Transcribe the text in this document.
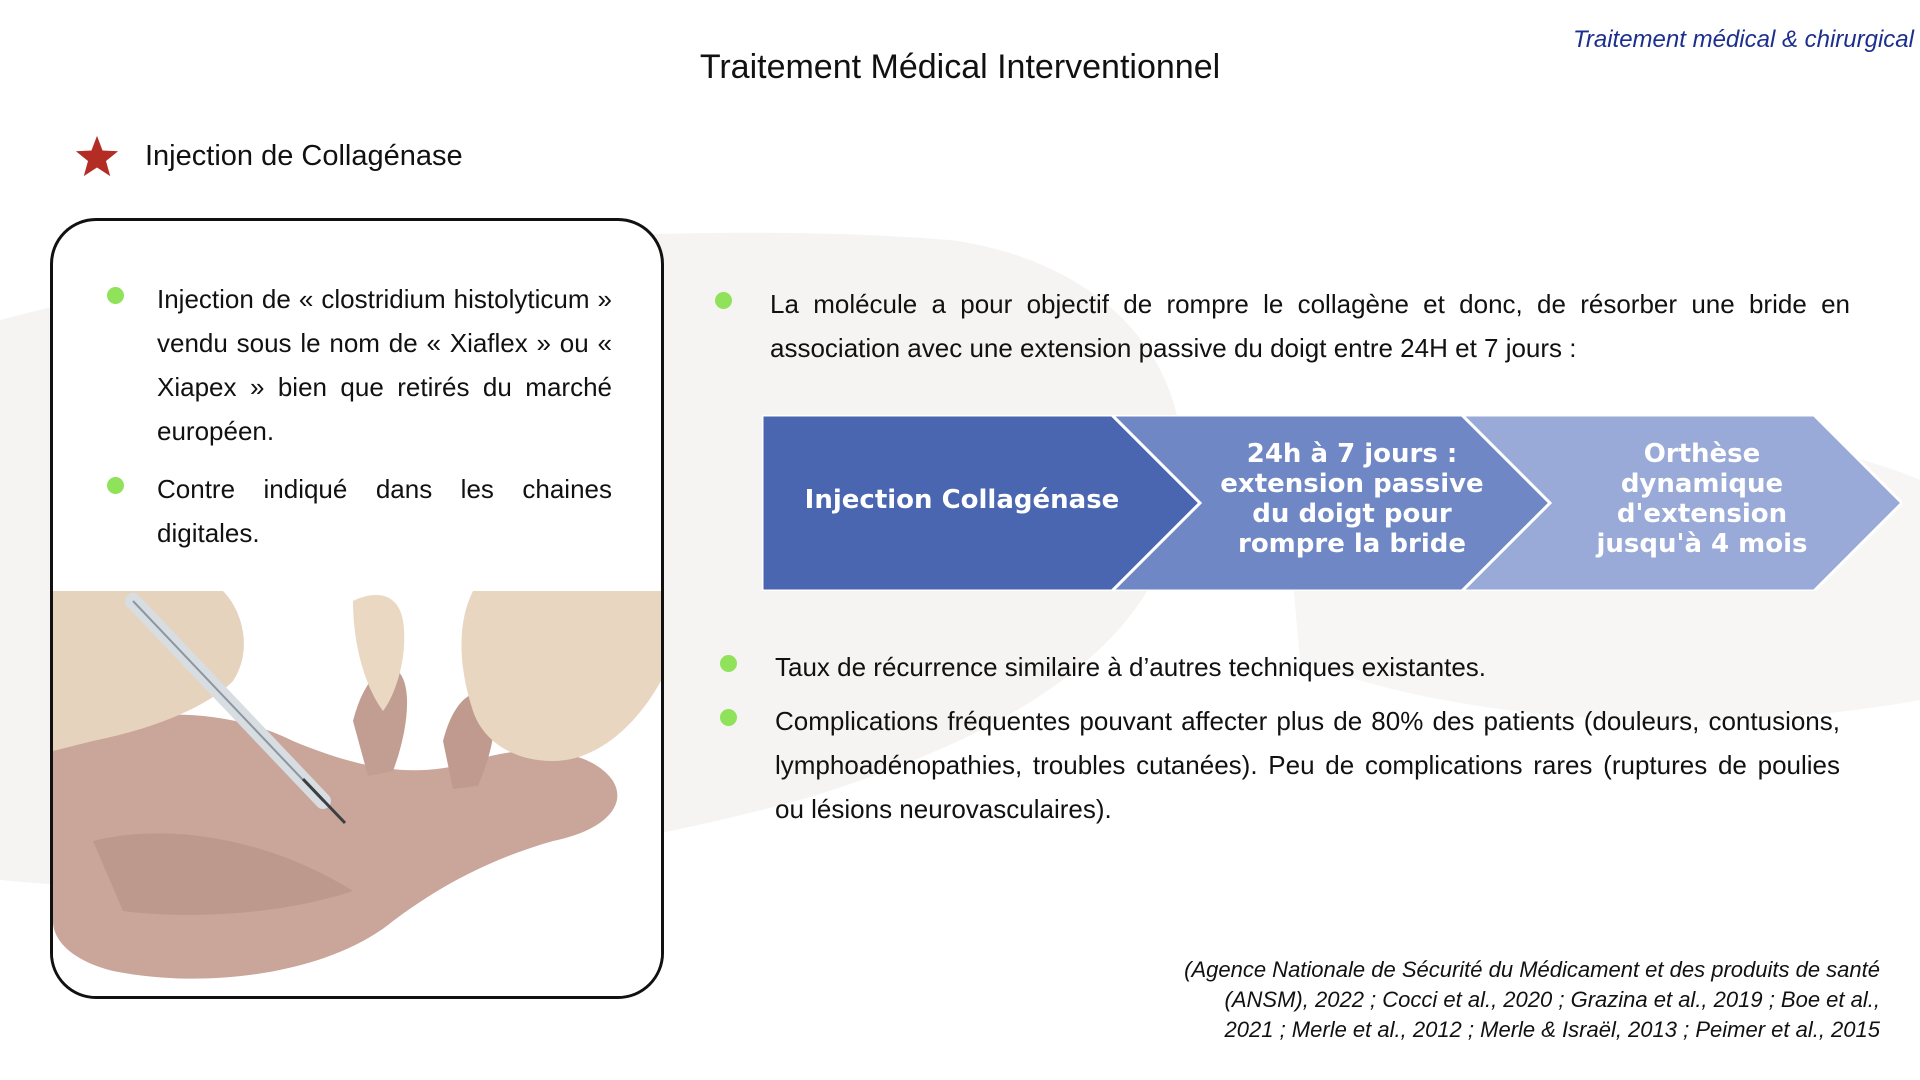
Traitement médical & chirurgical
Traitement Médical Interventionnel
Injection de Collagénase

Injection de « clostridium histolyticum » vendu sous le nom de « Xiaflex » ou « Xiapex » bien que retirés du marché européen.

Contre indiqué dans les chaines digitales.

La molécule a pour objectif de rompre le collagène et donc, de résorber une bride en association avec une extension passive du doigt entre 24H et 7 jours :
Injection Collagénase
24h à 7 jours :
extension passive
du doigt pour
rompre la bride
Orthèse
dynamique
d'extension
jusqu'à 4 mois
Taux de récurrence similaire à d’autres techniques existantes.
Complications fréquentes pouvant affecter plus de 80% des patients (douleurs, contusions, lymphoadénopathies, troubles cutanées). Peu de complications rares (ruptures de poulies ou lésions neurovasculaires).
(Agence Nationale de Sécurité du Médicament et des produits de santé
(ANSM), 2022 ; Cocci et al., 2020 ; Grazina et al., 2019 ; Boe et al.,
2021 ; Merle et al., 2012 ; Merle & Israël, 2013 ; Peimer et al., 2015
